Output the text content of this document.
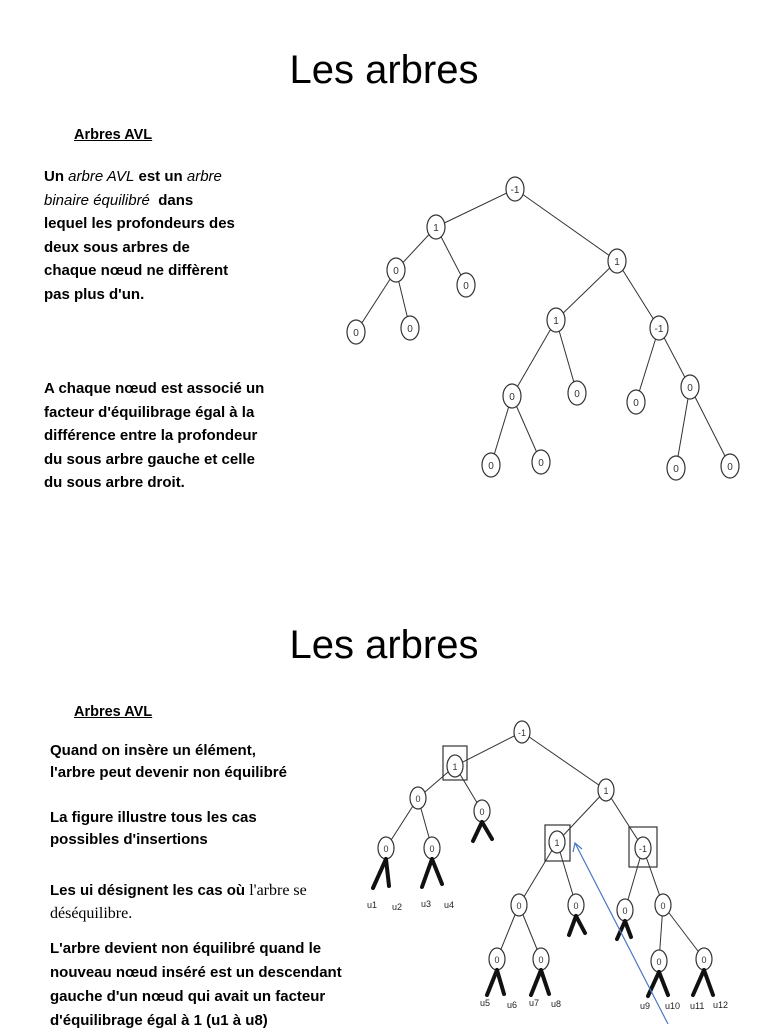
Les arbres
Arbres AVL
Un arbre AVL est un arbre
binaire équilibré dans
lequel les profondeurs des
deux sous arbres de
chaque nœud ne diffèrent
pas plus d'un.
A chaque nœud est associé un
facteur d'équilibrage égal à la
différence entre la profondeur
du sous arbre gauche et celle
du sous arbre droit.
-1
1
1
0
0
1
-1
0	0
0	0
0
0
0	0
0	0
Les arbres
Arbres AVL
Quand on insère un élément,
l'arbre peut devenir non équilibré
La figure illustre tous les cas
possibles d'insertions
Les ui désignent les cas où l'arbre se
déséquilibre.
L'arbre devient non équilibré quand le
nouveau nœud inséré est un descendant
gauche d'un nœud qui avait un facteur
d'équilibrage égal à 1 (u1 à u8)
-1
1
1
0
0
1
-1
0	0
0	0	0	0
0	0	0	0
u1 u2 u3 u4
u5 u6 u7 u8	u9 u10 u11 u12
